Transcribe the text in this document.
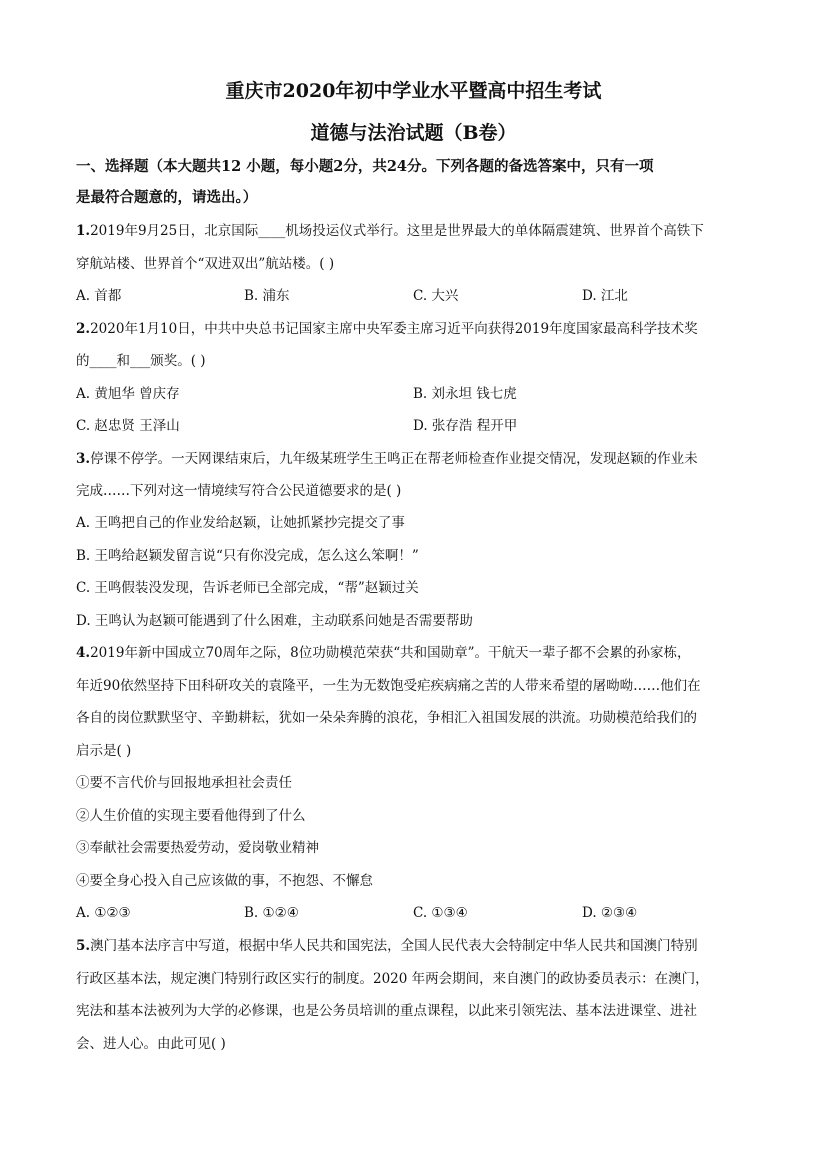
重庆市2020年初中学业水平暨高中招生考试
道德与法治试题（B卷）
一、选择题（本大题共12 小题，每小题2分，共24分。下列各题的备选答案中，只有一项
是最符合题意的，请选出。）
1.2019年9月25日，北京国际____机场投运仪式举行。这里是世界最大的单体隔震建筑、世界首个高铁下
穿航站楼、世界首个“双进双出”航站楼。( )
A. 首都	B. 浦东	C. 大兴	D. 江北
2.2020年1月10日，中共中央总书记国家主席中央军委主席习近平向获得2019年度国家最高科学技术奖
的____和___颁奖。( )
A. 黄旭华 曾庆存	B. 刘永坦 钱七虎
C. 赵忠贤 王泽山	D. 张存浩 程开甲
3.停课不停学。一天网课结束后，九年级某班学生王鸣正在帮老师检查作业提交情况，发现赵颖的作业未
完成……下列对这一情境续写符合公民道德要求的是( )
A. 王鸣把自己的作业发给赵颖，让她抓紧抄完提交了事
B. 王鸣给赵颖发留言说“只有你没完成，怎么这么笨啊！”
C. 王鸣假装没发现，告诉老师已全部完成，“帮”赵颖过关
D. 王鸣认为赵颖可能遇到了什么困难，主动联系问她是否需要帮助
4.2019年新中国成立70周年之际，8位功勋模范荣获“共和国勋章”。干航天一辈子都不会累的孙家栋，
年近90依然坚持下田科研攻关的袁隆平，一生为无数饱受疟疾病痛之苦的人带来希望的屠呦呦……他们在
各自的岗位默默坚守、辛勤耕耘，犹如一朵朵奔腾的浪花，争相汇入祖国发展的洪流。功勋模范给我们的
启示是( )
①要不言代价与回报地承担社会责任
②人生价值的实现主要看他得到了什么
③奉献社会需要热爱劳动，爱岗敬业精神
④要全身心投入自己应该做的事，不抱怨、不懈怠
A. ①②③	B. ①②④	C. ①③④	D. ②③④
5.澳门基本法序言中写道，根据中华人民共和国宪法，全国人民代表大会特制定中华人民共和国澳门特别
行政区基本法，规定澳门特别行政区实行的制度。2020 年两会期间，来自澳门的政协委员表示：在澳门，
宪法和基本法被列为大学的必修课，也是公务员培训的重点课程，以此来引领宪法、基本法进课堂、进社
会、进人心。由此可见( )
